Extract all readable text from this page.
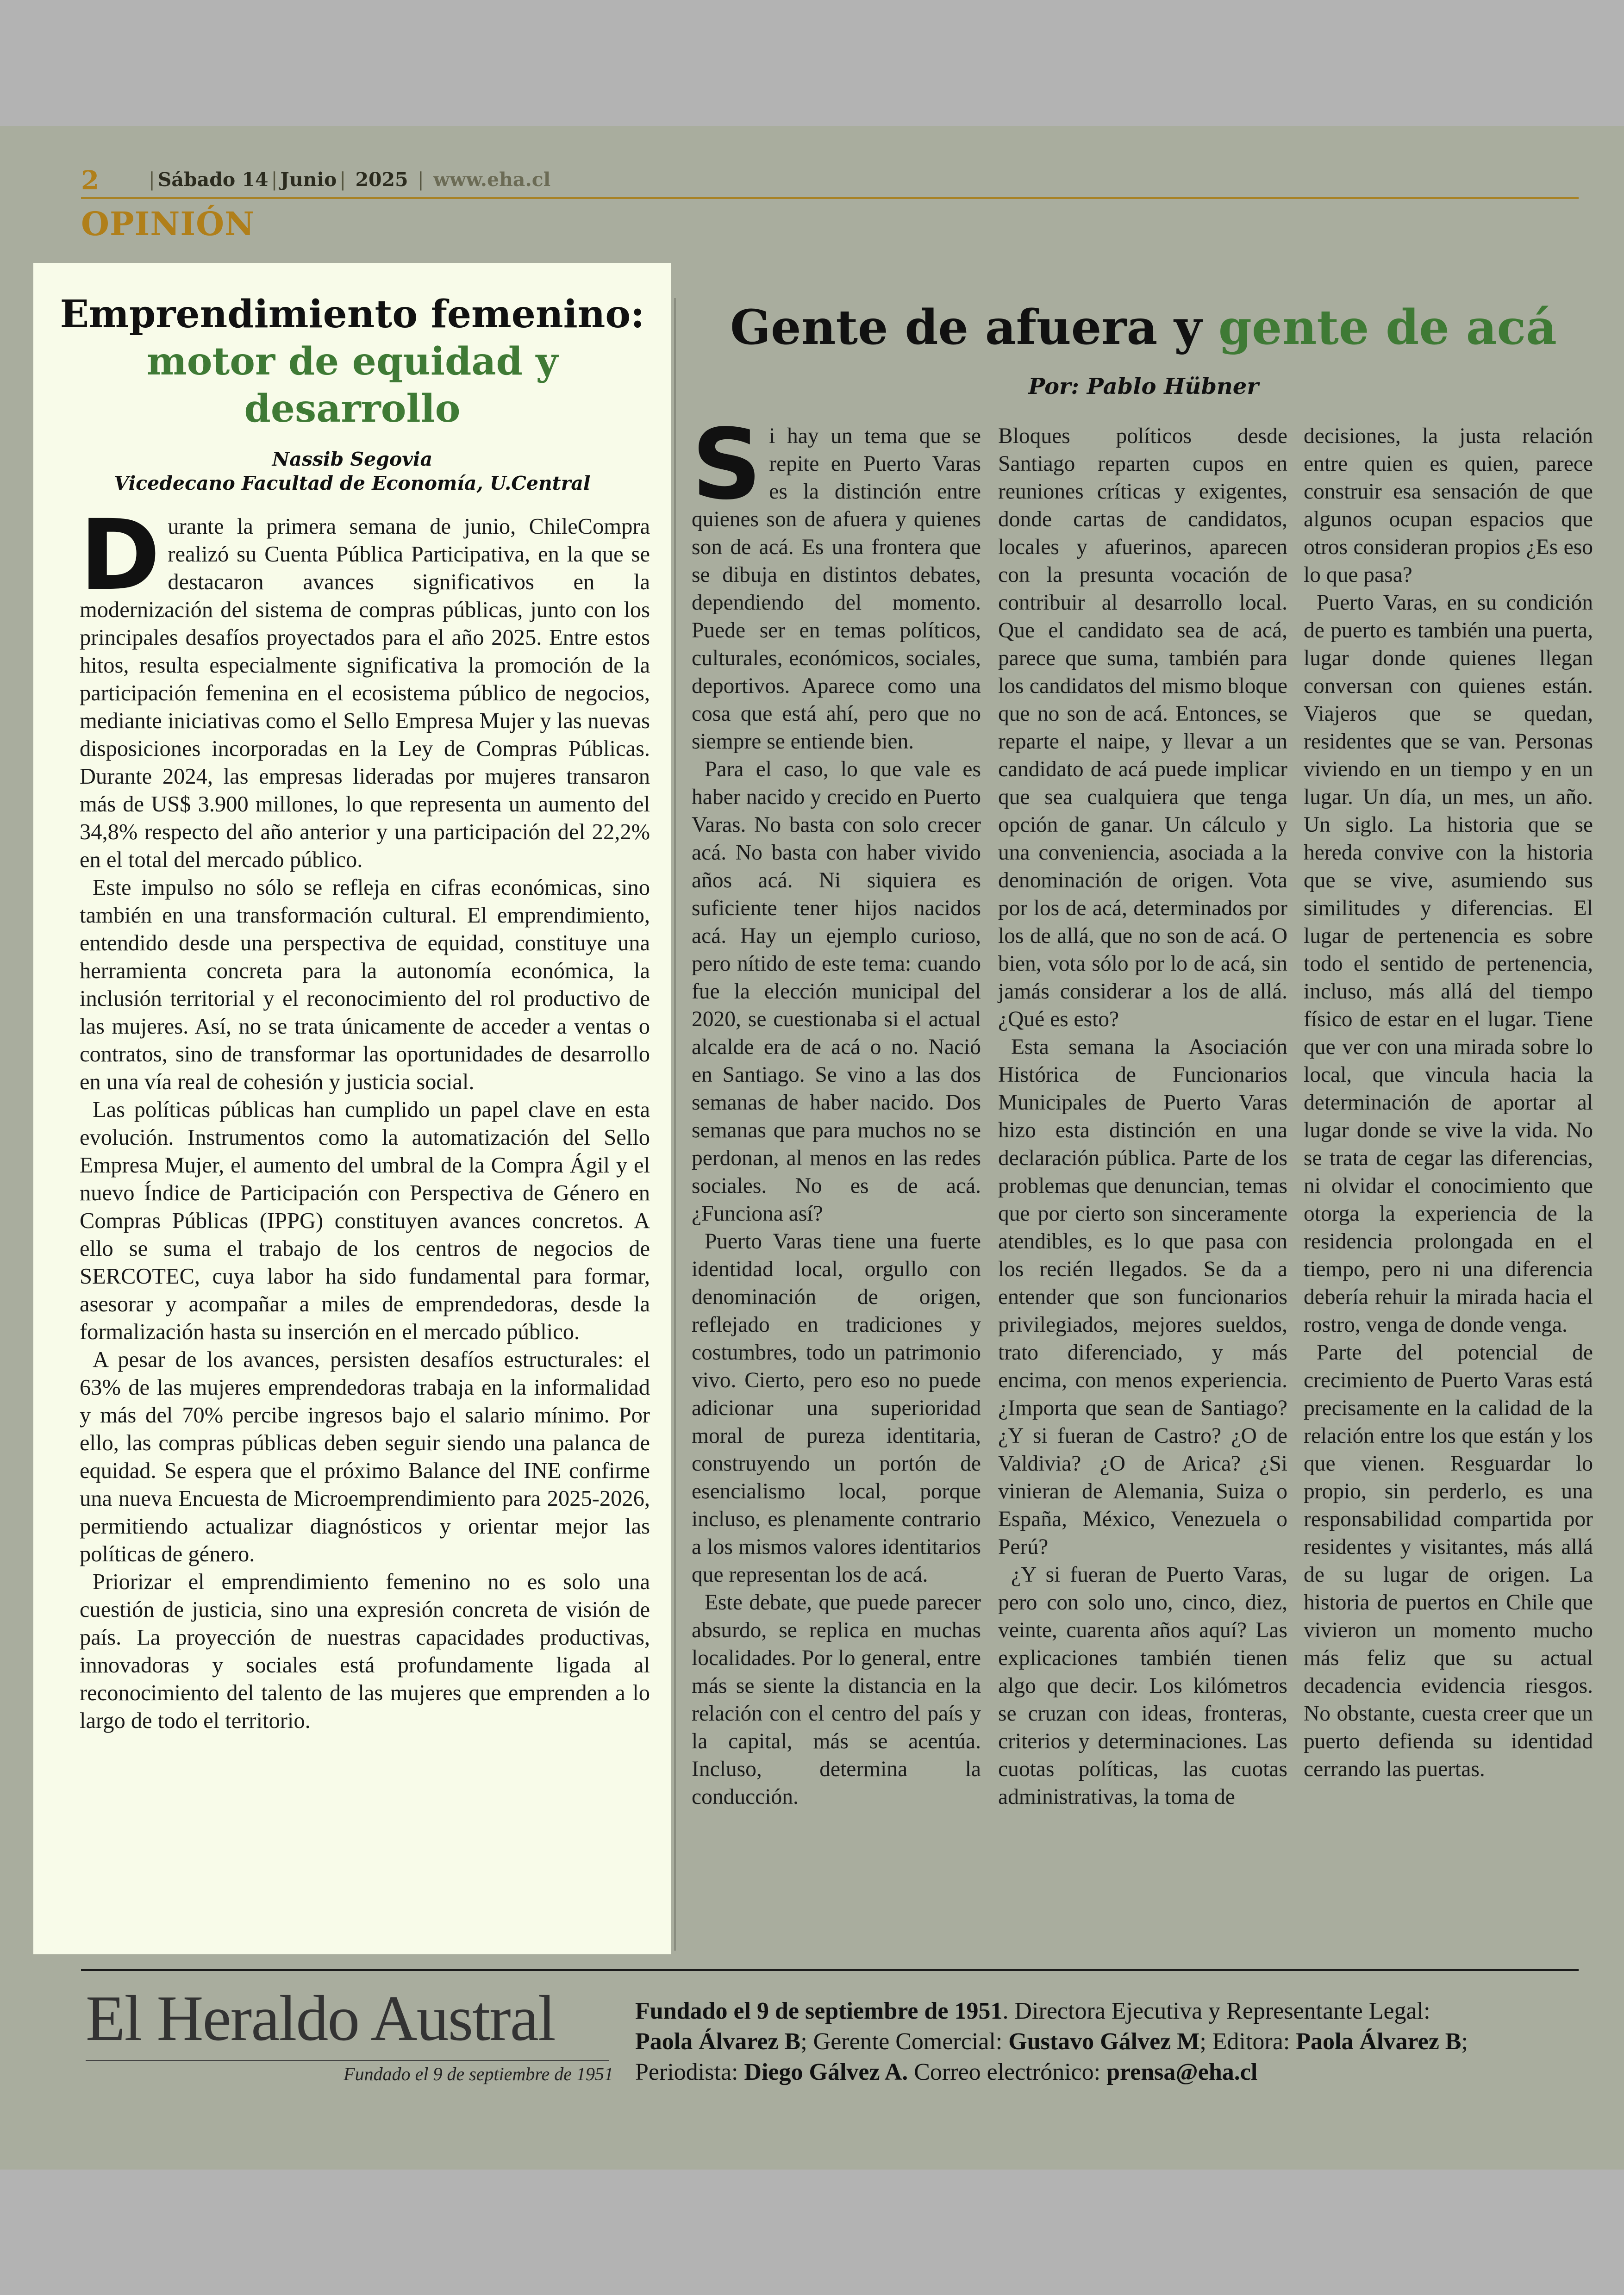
2	| Sábado 14 | Junio | 2025 | www.eha.cl
OPINIÓN
Emprendimiento femenino: motor de equidad y desarrollo
Nassib Segovia
Vicedecano Facultad de Economía, U.Central

Durante la primera semana de junio, ChileCompra realizó su Cuenta Pública Participativa, en la que se destacaron avances significativos en la modernización del sistema de compras públicas, junto con los principales desafíos proyectados para el año 2025. Entre estos hitos, resulta especialmente significativa la promoción de la participación femenina en el ecosistema público de negocios, mediante iniciativas como el Sello Empresa Mujer y las nuevas disposiciones incorporadas en la Ley de Compras Públicas. Durante 2024, las empresas lideradas por mujeres transaron más de US$ 3.900 millones, lo que representa un aumento del 34,8% respecto del año anterior y una participación del 22,2% en el total del mercado público.

Este impulso no sólo se refleja en cifras económicas, sino también en una transformación cultural. El emprendimiento, entendido desde una perspectiva de equidad, constituye una herramienta concreta para la autonomía económica, la inclusión territorial y el reconocimiento del rol productivo de las mujeres. Así, no se trata únicamente de acceder a ventas o contratos, sino de transformar las oportunidades de desarrollo en una vía real de cohesión y justicia social.

Las políticas públicas han cumplido un papel clave en esta evolución. Instrumentos como la automatización del Sello Empresa Mujer, el aumento del umbral de la Compra Ágil y el nuevo Índice de Participación con Perspectiva de Género en Compras Públicas (IPPG) constituyen avances concretos. A ello se suma el trabajo de los centros de negocios de SERCOTEC, cuya labor ha sido fundamental para formar, asesorar y acompañar a miles de emprendedoras, desde la formalización hasta su inserción en el mercado público.

A pesar de los avances, persisten desafíos estructurales: el 63% de las mujeres emprendedoras trabaja en la informalidad y más del 70% percibe ingresos bajo el salario mínimo. Por ello, las compras públicas deben seguir siendo una palanca de equidad. Se espera que el próximo Balance del INE confirme una nueva Encuesta de Microemprendimiento para 2025-2026, permitiendo actualizar diagnósticos y orientar mejor las políticas de género.

Priorizar el emprendimiento femenino no es solo una cuestión de justicia, sino una expresión concreta de visión de país. La proyección de nuestras capacidades productivas, innovadoras y sociales está profundamente ligada al reconocimiento del talento de las mujeres que emprenden a lo largo de todo el territorio.

Gente de afuera y gente de acá
Por: Pablo Hübner

Si hay un tema que se repite en Puerto Varas es la distinción entre quienes son de afuera y quienes son de acá. Es una frontera que se dibuja en distintos debates, dependiendo del momento. Puede ser en temas políticos, culturales, económicos, sociales, deportivos. Aparece como una cosa que está ahí, pero que no siempre se entiende bien.

Para el caso, lo que vale es haber nacido y crecido en Puerto Varas. No basta con solo crecer acá. No basta con haber vivido años acá. Ni siquiera es suficiente tener hijos nacidos acá. Hay un ejemplo curioso, pero nítido de este tema: cuando fue la elección municipal del 2020, se cuestionaba si el actual alcalde era de acá o no. Nació en Santiago. Se vino a las dos semanas de haber nacido. Dos semanas que para muchos no se perdonan, al menos en las redes sociales. No es de acá. ¿Funciona así?

Puerto Varas tiene una fuerte identidad local, orgullo con denominación de origen, reflejado en tradiciones y costumbres, todo un patrimonio vivo. Cierto, pero eso no puede adicionar una superioridad moral de pureza identitaria, construyendo un portón de esencialismo local, porque incluso, es plenamente contrario a los mismos valores identitarios que representan los de acá.

Este debate, que puede parecer absurdo, se replica en muchas localidades. Por lo general, entre más se siente la distancia en la relación con el centro del país y la capital, más se acentúa. Incluso, determina la conducción.

Bloques políticos desde Santiago reparten cupos en reuniones críticas y exigentes, donde cartas de candidatos, locales y afuerinos, aparecen con la presunta vocación de contribuir al desarrollo local. Que el candidato sea de acá, parece que suma, también para los candidatos del mismo bloque que no son de acá. Entonces, se reparte el naipe, y llevar a un candidato de acá puede implicar que sea cualquiera que tenga opción de ganar. Un cálculo y una conveniencia, asociada a la denominación de origen. Vota por los de acá, determinados por los de allá, que no son de acá. O bien, vota sólo por lo de acá, sin jamás considerar a los de allá. ¿Qué es esto?

Esta semana la Asociación Histórica de Funcionarios Municipales de Puerto Varas hizo esta distinción en una declaración pública. Parte de los problemas que denuncian, temas que por cierto son sinceramente atendibles, es lo que pasa con los recién llegados. Se da a entender que son funcionarios privilegiados, mejores sueldos, trato diferenciado, y más encima, con menos experiencia. ¿Importa que sean de Santiago? ¿Y si fueran de Castro? ¿O de Valdivia? ¿O de Arica? ¿Si vinieran de Alemania, Suiza o España, México, Venezuela o Perú?

¿Y si fueran de Puerto Varas, pero con solo uno, cinco, diez, veinte, cuarenta años aquí? Las explicaciones también tienen algo que decir. Los kilómetros se cruzan con ideas, fronteras, criterios y determinaciones. Las cuotas políticas, las cuotas administrativas, la toma de

decisiones, la justa relación entre quien es quien, parece construir esa sensación de que algunos ocupan espacios que otros consideran propios ¿Es eso lo que pasa?

Puerto Varas, en su condición de puerto es también una puerta, lugar donde quienes llegan conversan con quienes están. Viajeros que se quedan, residentes que se van. Personas viviendo en un tiempo y en un lugar. Un día, un mes, un año. Un siglo. La historia que se hereda convive con la historia que se vive, asumiendo sus similitudes y diferencias. El lugar de pertenencia es sobre todo el sentido de pertenencia, incluso, más allá del tiempo físico de estar en el lugar. Tiene que ver con una mirada sobre lo local, que vincula hacia la determinación de aportar al lugar donde se vive la vida. No se trata de cegar las diferencias, ni olvidar el conocimiento que otorga la experiencia de la residencia prolongada en el tiempo, pero ni una diferencia debería rehuir la mirada hacia el rostro, venga de donde venga.

Parte del potencial de crecimiento de Puerto Varas está precisamente en la calidad de la relación entre los que están y los que vienen. Resguardar lo propio, sin perderlo, es una responsabilidad compartida por residentes y visitantes, más allá de su lugar de origen. La historia de puertos en Chile que vivieron un momento mucho más feliz que su actual decadencia evidencia riesgos. No obstante, cuesta creer que un puerto defienda su identidad cerrando las puertas.

El Heraldo Austral
Fundado el 9 de septiembre de 1951
Fundado el 9 de septiembre de 1951. Directora Ejecutiva y Representante Legal:
Paola Álvarez B; Gerente Comercial: Gustavo Gálvez M; Editora: Paola Álvarez B;
Periodista: Diego Gálvez A. Correo electrónico: prensa@eha.cl
